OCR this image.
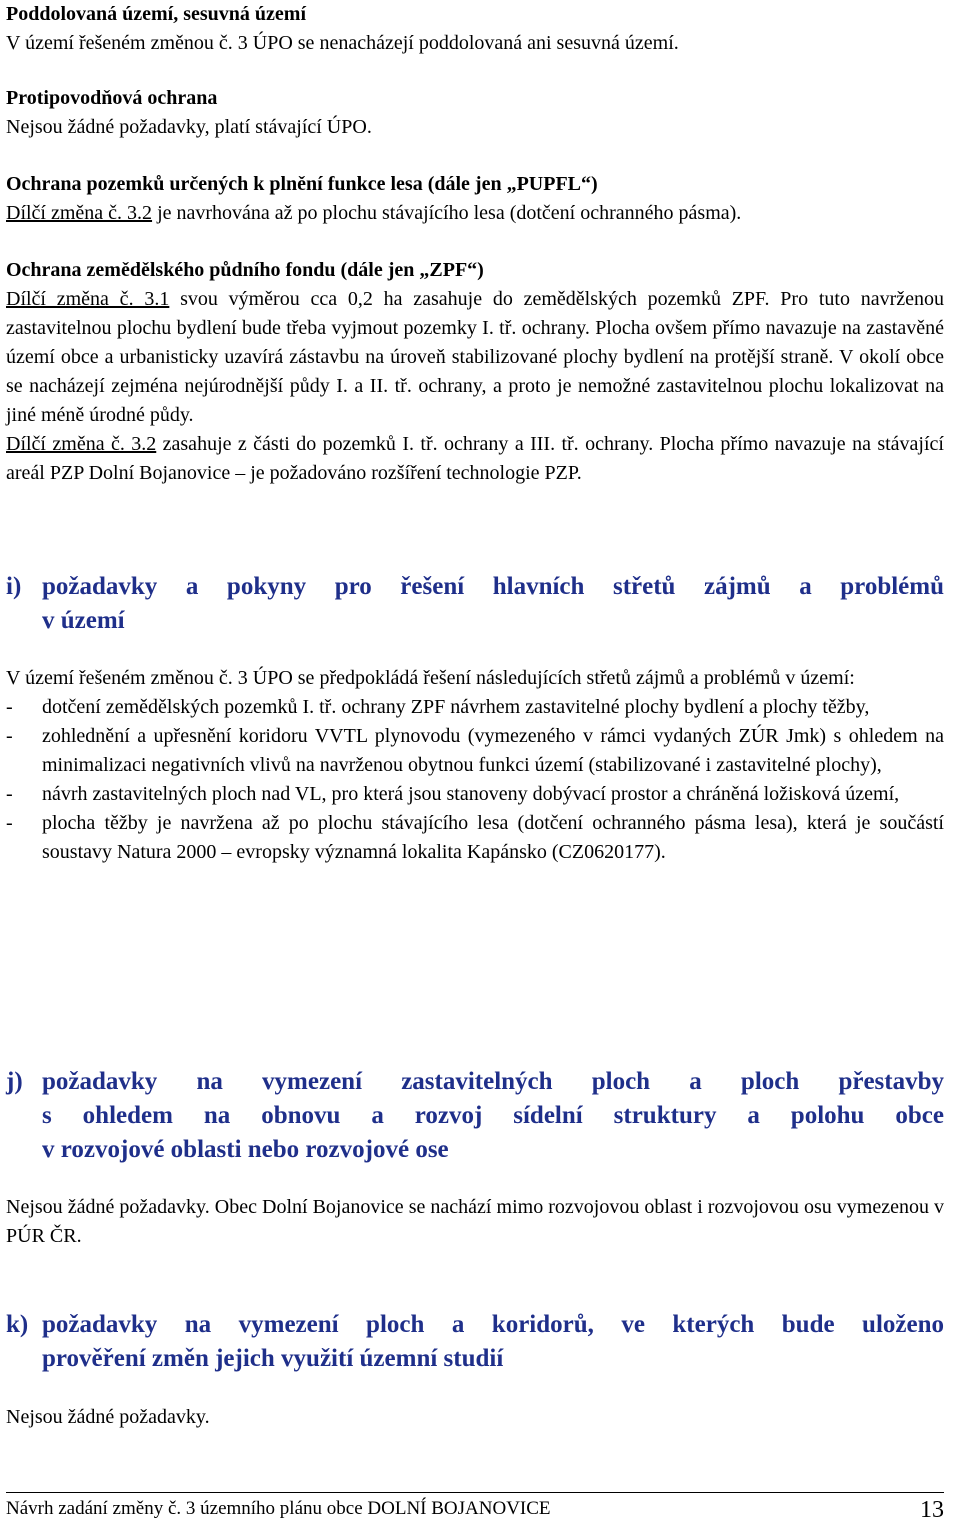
Poddolovaná území, sesuvná území
V území řešeném změnou č. 3 ÚPO se nenacházejí poddolovaná ani sesuvná území.
Protipovodňová ochrana
Nejsou žádné požadavky, platí stávající ÚPO.
Ochrana pozemků určených k plnění funkce lesa (dále jen „PUPFL“)
Dílčí změna č. 3.2 je navrhována až po plochu stávajícího lesa (dotčení ochranného pásma).
Ochrana zemědělského půdního fondu (dále jen „ZPF“)
Dílčí změna č. 3.1 svou výměrou cca 0,2 ha zasahuje do zemědělských pozemků ZPF. Pro tuto navrženou zastavitelnou plochu bydlení bude třeba vyjmout pozemky I. tř. ochrany. Plocha ovšem přímo navazuje na zastavěné území obce a urbanisticky uzavírá zástavbu na úroveň stabilizované plochy bydlení na protější straně. V okolí obce se nacházejí zejména nejúrodnější půdy I. a II. tř. ochrany, a proto je nemožné zastavitelnou plochu lokalizovat na jiné méně úrodné půdy.
Dílčí změna č. 3.2 zasahuje z části do pozemků I. tř. ochrany a III. tř. ochrany. Plocha přímo navazuje na stávající areál PZP Dolní Bojanovice – je požadováno rozšíření technologie PZP.
i) požadavky a pokyny pro řešení hlavních střetů zájmů a problémů
v území
V území řešeném změnou č. 3 ÚPO se předpokládá řešení následujících střetů zájmů a problémů v území:
-	dotčení zemědělských pozemků I. tř. ochrany ZPF návrhem zastavitelné plochy bydlení a plochy těžby,
-	zohlednění a upřesnění koridoru VVTL plynovodu (vymezeného v rámci vydaných ZÚR Jmk) s ohledem na minimalizaci negativních vlivů na navrženou obytnou funkci území (stabilizované i zastavitelné plochy),
-	návrh zastavitelných ploch nad VL, pro která jsou stanoveny dobývací prostor a chráněná ložisková území,
-	plocha těžby je navržena až po plochu stávajícího lesa (dotčení ochranného pásma lesa), která je součástí soustavy Natura 2000 – evropsky významná lokalita Kapánsko (CZ0620177).
j) požadavky na vymezení zastavitelných ploch a ploch přestavby
s ohledem na obnovu a rozvoj sídelní struktury a polohu obce
v rozvojové oblasti nebo rozvojové ose
Nejsou žádné požadavky. Obec Dolní Bojanovice se nachází mimo rozvojovou oblast i rozvojovou osu vymezenou v PÚR ČR.
k) požadavky na vymezení ploch a koridorů, ve kterých bude uloženo
prověření změn jejich využití územní studií
Nejsou žádné požadavky.
Návrh zadání změny č. 3 územního plánu obce DOLNÍ BOJANOVICE	13
